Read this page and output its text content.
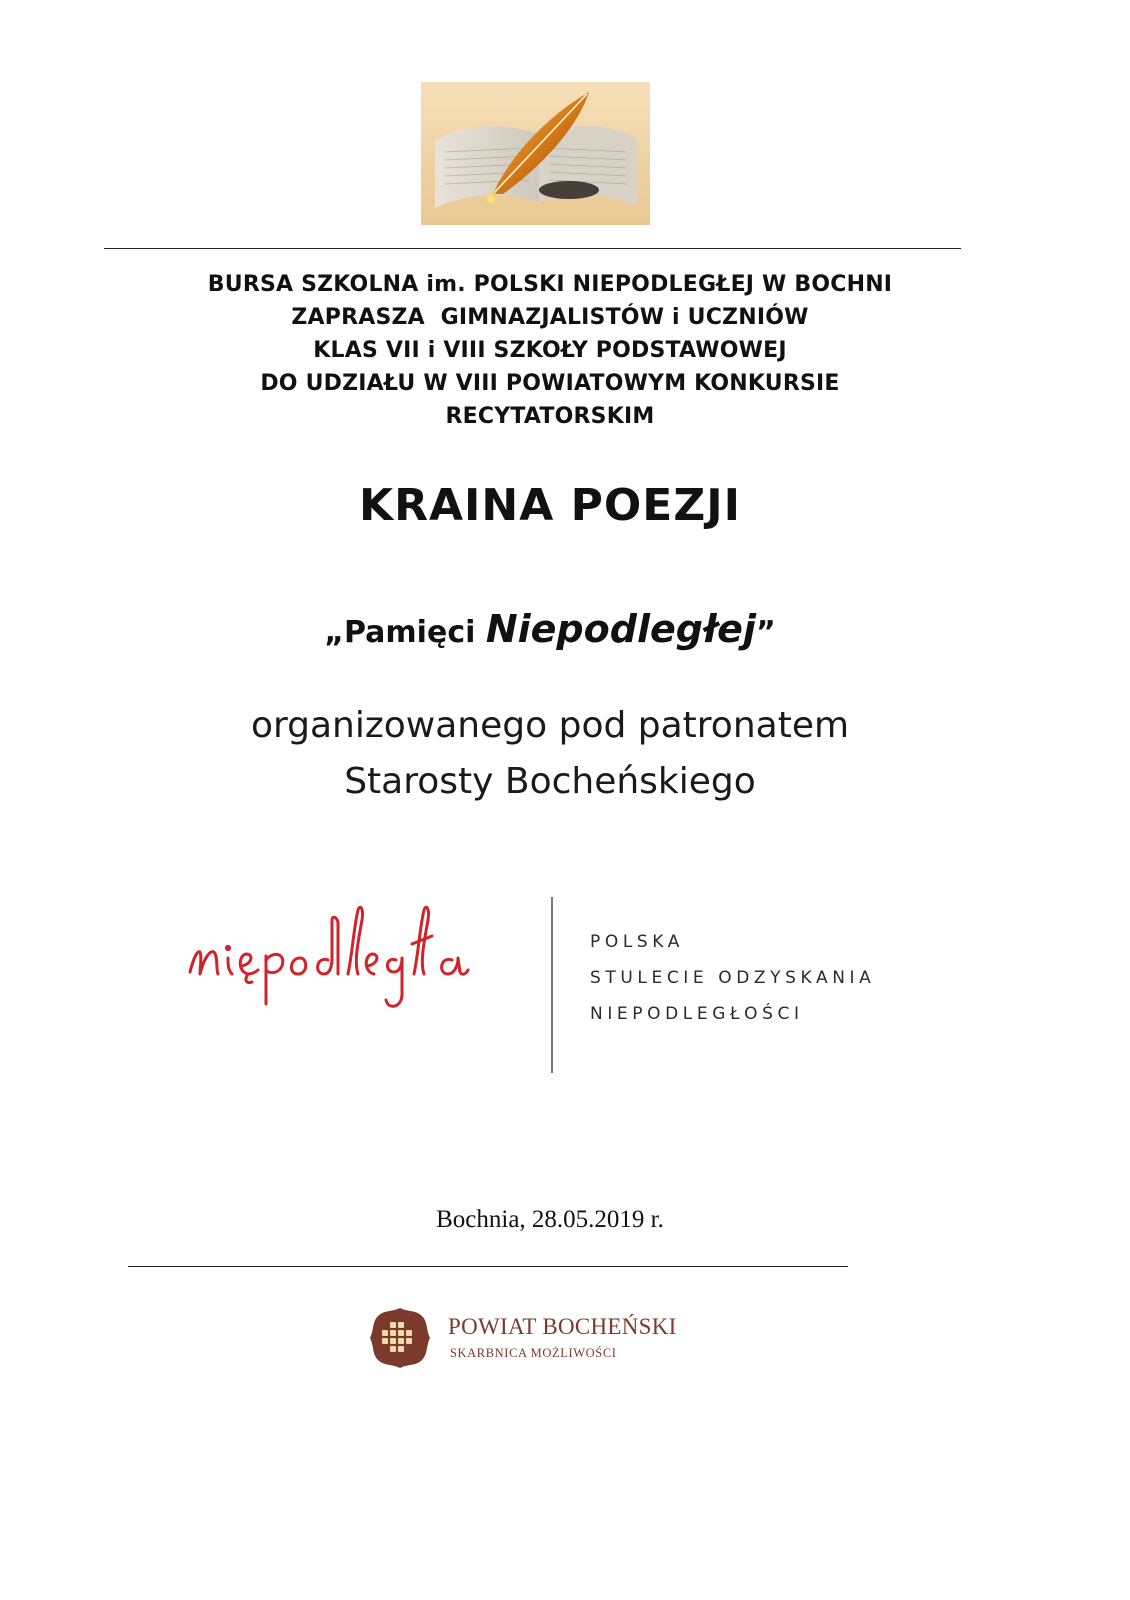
BURSA SZKOLNA im. POLSKI NIEPODLEGŁEJ W BOCHNI
ZAPRASZA  GIMNAZJALISTÓW i UCZNIÓW
KLAS VII i VIII SZKOŁY PODSTAWOWEJ
DO UDZIAŁU W VIII POWIATOWYM KONKURSIE
RECYTATORSKIM
KRAINA POEZJI
„Pamięci Niepodległej”
organizowanego pod patronatem
Starosty Bocheńskiego
POLSKA
STULECIE ODZYSKANIA
NIEPODLEGŁOŚCI
Bochnia, 28.05.2019 r.
POWIAT BOCHEŃSKI
SKARBNICA MOŻLIWOŚCI
